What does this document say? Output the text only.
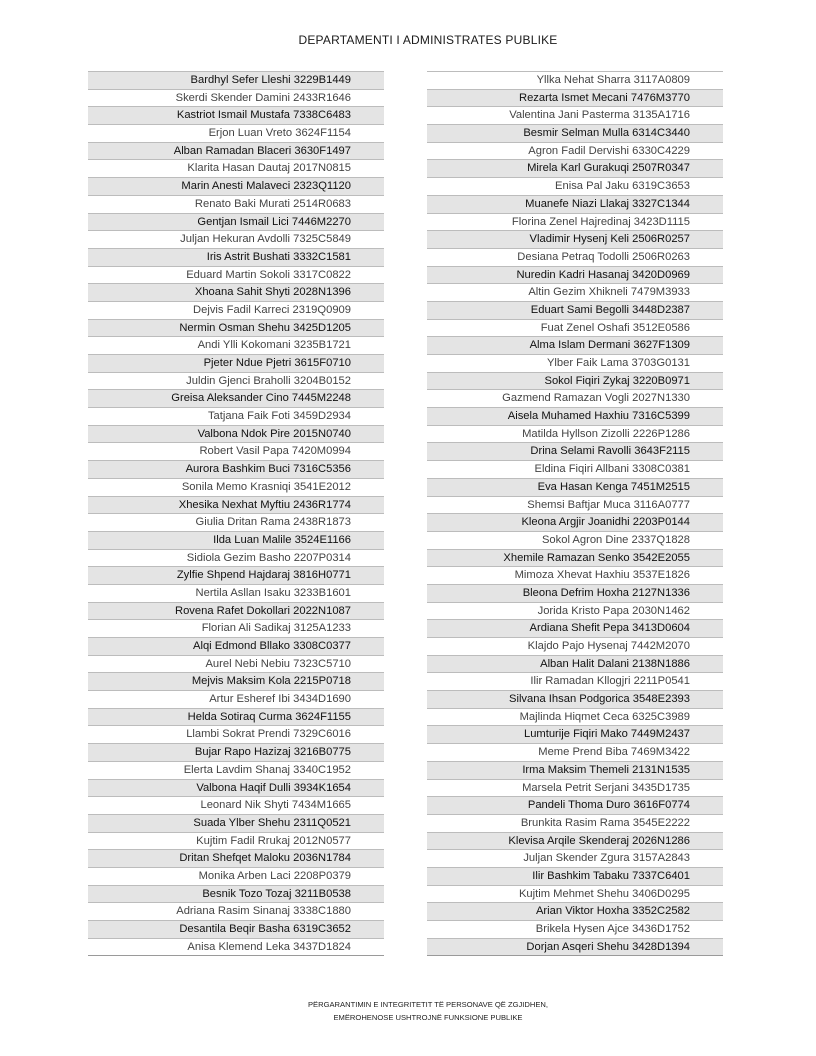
DEPARTAMENTI I ADMINISTRATES PUBLIKE
Bardhyl Sefer Lleshi 3229B1449
Skerdi Skender Damini 2433R1646
Kastriot Ismail Mustafa 7338C6483
Erjon Luan Vreto 3624F1154
Alban Ramadan Blaceri 3630F1497
Klarita Hasan Dautaj 2017N0815
Marin Anesti Malaveci 2323Q1120
Renato Baki Murati 2514R0683
Gentjan Ismail Lici 7446M2270
Juljan Hekuran Avdolli 7325C5849
Iris Astrit Bushati 3332C1581
Eduard Martin Sokoli 3317C0822
Xhoana Sahit Shyti 2028N1396
Dejvis Fadil Karreci 2319Q0909
Nermin Osman Shehu 3425D1205
Andi Ylli Kokomani 3235B1721
Pjeter Ndue Pjetri 3615F0710
Juldin Gjenci Braholli 3204B0152
Greisa Aleksander Cino 7445M2248
Tatjana Faik Foti 3459D2934
Valbona Ndok Pire 2015N0740
Robert Vasil Papa 7420M0994
Aurora Bashkim Buci 7316C5356
Sonila Memo Krasniqi 3541E2012
Xhesika Nexhat Myftiu 2436R1774
Giulia Dritan Rama 2438R1873
Ilda Luan Malile 3524E1166
Sidiola Gezim Basho 2207P0314
Zylfie Shpend Hajdaraj 3816H0771
Nertila Asllan Isaku 3233B1601
Rovena Rafet Dokollari 2022N1087
Florian Ali Sadikaj 3125A1233
Alqi Edmond Bllako 3308C0377
Aurel Nebi Nebiu 7323C5710
Mejvis Maksim Kola 2215P0718
Artur Esheref Ibi 3434D1690
Helda Sotiraq Curma 3624F1155
Llambi Sokrat Prendi 7329C6016
Bujar Rapo Hazizaj 3216B0775
Elerta Lavdim Shanaj 3340C1952
Valbona Haqif Dulli 3934K1654
Leonard Nik Shyti 7434M1665
Suada Ylber Shehu 2311Q0521
Kujtim Fadil Rrukaj 2012N0577
Dritan Shefqet Maloku 2036N1784
Monika Arben Laci 2208P0379
Besnik Tozo Tozaj 3211B0538
Adriana Rasim Sinanaj 3338C1880
Desantila Beqir Basha 6319C3652
Anisa Klemend Leka 3437D1824
Yllka Nehat Sharra 3117A0809
Rezarta Ismet Mecani 7476M3770
Valentina Jani Pasterma 3135A1716
Besmir Selman Mulla 6314C3440
Agron Fadil Dervishi 6330C4229
Mirela Karl Gurakuqi 2507R0347
Enisa Pal Jaku 6319C3653
Muanefe Niazi Llakaj 3327C1344
Florina Zenel Hajredinaj 3423D1115
Vladimir Hysenj Keli 2506R0257
Desiana Petraq Todolli 2506R0263
Nuredin Kadri Hasanaj 3420D0969
Altin Gezim Xhikneli 7479M3933
Eduart Sami Begolli 3448D2387
Fuat Zenel Oshafi 3512E0586
Alma Islam Dermani 3627F1309
Ylber Faik Lama 3703G0131
Sokol Fiqiri Zykaj 3220B0971
Gazmend Ramazan Vogli 2027N1330
Aisela Muhamed Haxhiu 7316C5399
Matilda Hyllson Zizolli 2226P1286
Drina Selami Ravolli 3643F2115
Eldina Fiqiri Allbani 3308C0381
Eva Hasan Kenga 7451M2515
Shemsi Baftjar Muca 3116A0777
Kleona Argjir Joanidhi 2203P0144
Sokol Agron Dine 2337Q1828
Xhemile Ramazan Senko 3542E2055
Mimoza Xhevat Haxhiu 3537E1826
Bleona Defrim Hoxha 2127N1336
Jorida Kristo Papa 2030N1462
Ardiana Shefit Pepa 3413D0604
Klajdo Pajo Hysenaj 7442M2070
Alban Halit Dalani 2138N1886
Ilir Ramadan Kllogjri 2211P0541
Silvana Ihsan Podgorica 3548E2393
Majlinda Hiqmet Ceca 6325C3989
Lumturije Fiqiri Mako 7449M2437
Meme Prend Biba 7469M3422
Irma Maksim Themeli 2131N1535
Marsela Petrit Serjani 3435D1735
Pandeli Thoma Duro 3616F0774
Brunkita Rasim Rama 3545E2222
Klevisa Arqile Skenderaj 2026N1286
Juljan Skender Zgura 3157A2843
Ilir Bashkim Tabaku 7337C6401
Kujtim Mehmet Shehu 3406D0295
Arian Viktor Hoxha 3352C2582
Brikela Hysen Ajce 3436D1752
Dorjan Asqeri Shehu 3428D1394
PËRGARANTIMIN E INTEGRITETIT TË PERSONAVE QË ZGJIDHEN,
EMËROHENOSE USHTROJNË FUNKSIONE PUBLIKE
